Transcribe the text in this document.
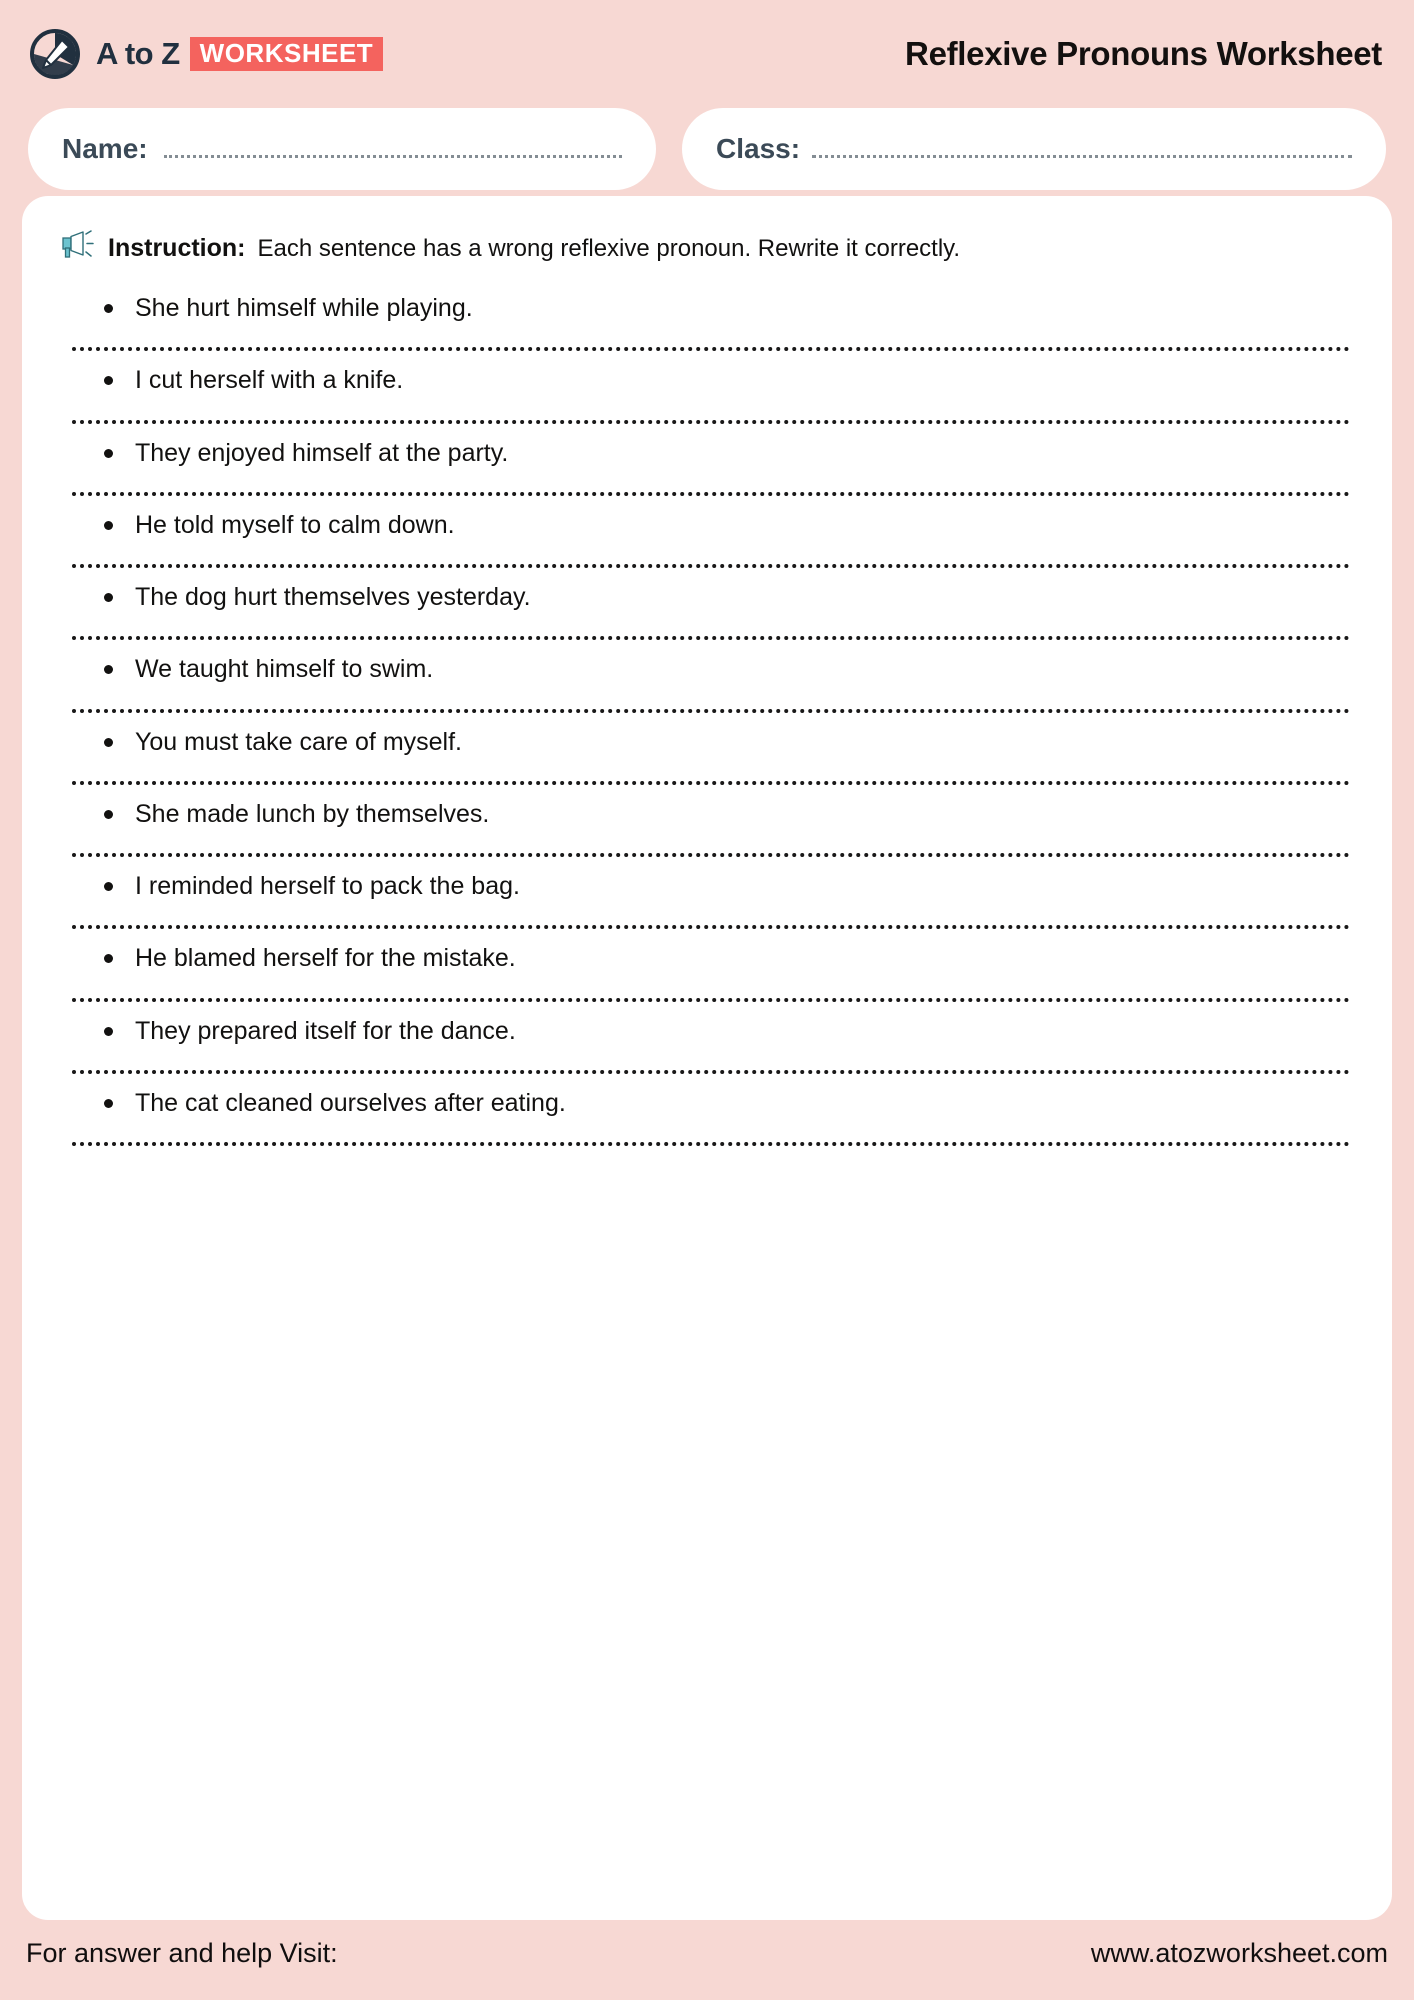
A to Z WORKSHEET	Reflexive Pronouns Worksheet
Name:	Class:
Instruction: Each sentence has a wrong reflexive pronoun. Rewrite it correctly.
She hurt himself while playing.
I cut herself with a knife.
They enjoyed himself at the party.
He told myself to calm down.
The dog hurt themselves yesterday.
We taught himself to swim.
You must take care of myself.
She made lunch by themselves.
I reminded herself to pack the bag.
He blamed herself for the mistake.
They prepared itself for the dance.
The cat cleaned ourselves after eating.
For answer and help Visit:	www.atozworksheet.com
